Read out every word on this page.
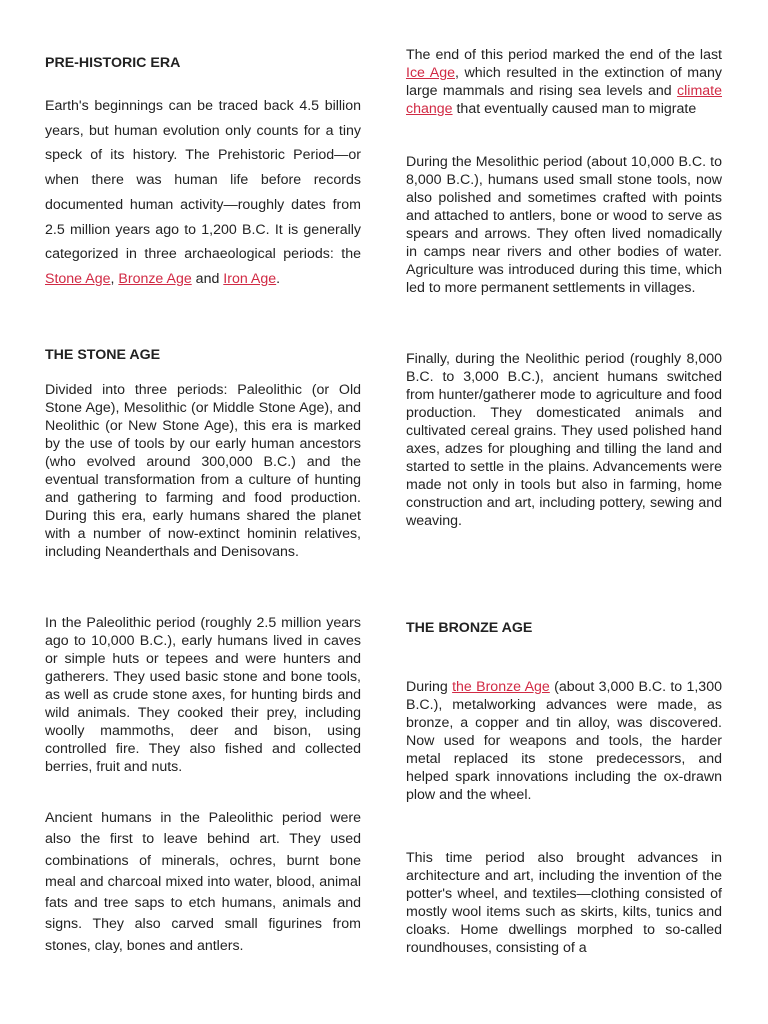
PRE-HISTORIC ERA

Earth's beginnings can be traced back 4.5 billion years, but human evolution only counts for a tiny speck of its history. The Prehistoric Period—or when there was human life before records documented human activity—roughly dates from 2.5 million years ago to 1,200 B.C. It is generally categorized in three archaeological periods: the Stone Age, Bronze Age and Iron Age.

THE STONE AGE

Divided into three periods: Paleolithic (or Old Stone Age), Mesolithic (or Middle Stone Age), and Neolithic (or New Stone Age), this era is marked by the use of tools by our early human ancestors (who evolved around 300,000 B.C.) and the eventual transformation from a culture of hunting and gathering to farming and food production. During this era, early humans shared the planet with a number of now-extinct hominin relatives, including Neanderthals and Denisovans.

In the Paleolithic period (roughly 2.5 million years ago to 10,000 B.C.), early humans lived in caves or simple huts or tepees and were hunters and gatherers. They used basic stone and bone tools, as well as crude stone axes, for hunting birds and wild animals. They cooked their prey, including woolly mammoths, deer and bison, using controlled fire. They also fished and collected berries, fruit and nuts.

Ancient humans in the Paleolithic period were also the first to leave behind art. They used combinations of minerals, ochres, burnt bone meal and charcoal mixed into water, blood, animal fats and tree saps to etch humans, animals and signs. They also carved small figurines from stones, clay, bones and antlers.

The end of this period marked the end of the last Ice Age, which resulted in the extinction of many large mammals and rising sea levels and climate change that eventually caused man to migrate

During the Mesolithic period (about 10,000 B.C. to 8,000 B.C.), humans used small stone tools, now also polished and sometimes crafted with points and attached to antlers, bone or wood to serve as spears and arrows. They often lived nomadically in camps near rivers and other bodies of water. Agriculture was introduced during this time, which led to more permanent settlements in villages.

Finally, during the Neolithic period (roughly 8,000 B.C. to 3,000 B.C.), ancient humans switched from hunter/gatherer mode to agriculture and food production. They domesticated animals and cultivated cereal grains. They used polished hand axes, adzes for ploughing and tilling the land and started to settle in the plains. Advancements were made not only in tools but also in farming, home construction and art, including pottery, sewing and weaving.

THE BRONZE AGE

During the Bronze Age (about 3,000 B.C. to 1,300 B.C.), metalworking advances were made, as bronze, a copper and tin alloy, was discovered. Now used for weapons and tools, the harder metal replaced its stone predecessors, and helped spark innovations including the ox-drawn plow and the wheel.

This time period also brought advances in architecture and art, including the invention of the potter's wheel, and textiles—clothing consisted of mostly wool items such as skirts, kilts, tunics and cloaks. Home dwellings morphed to so-called roundhouses, consisting of a
